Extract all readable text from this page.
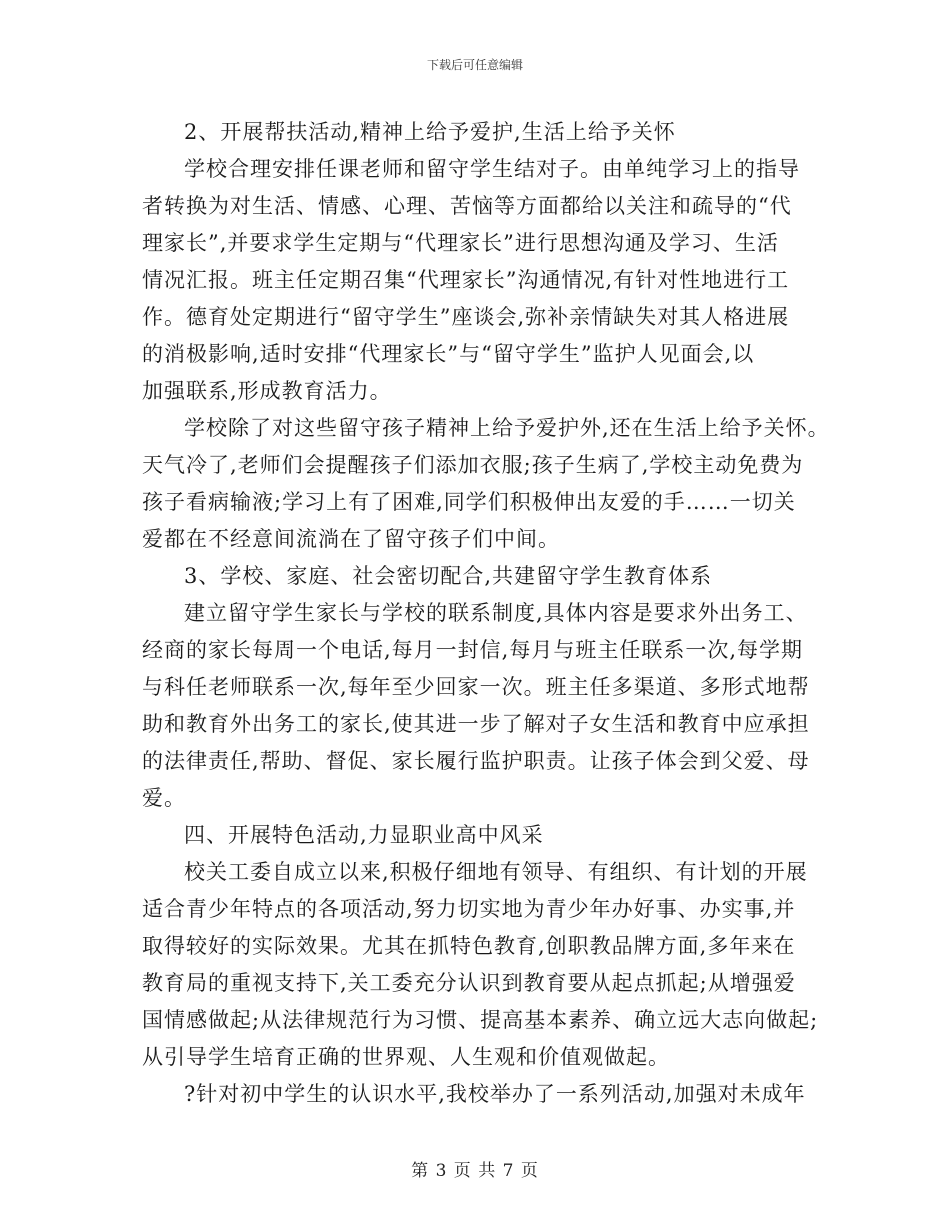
下载后可任意编辑
2、开展帮扶活动,精神上给予爱护,生活上给予关怀
学校合理安排任课老师和留守学生结对子。由单纯学习上的指导
者转换为对生活、情感、心理、苦恼等方面都给以关注和疏导的“代
理家长”,并要求学生定期与“代理家长”进行思想沟通及学习、生活
情况汇报。班主任定期召集“代理家长”沟通情况,有针对性地进行工
作。德育处定期进行“留守学生”座谈会,弥补亲情缺失对其人格进展
的消极影响,适时安排“代理家长”与“留守学生”监护人见面会,以
加强联系,形成教育活力。
学校除了对这些留守孩子精神上给予爱护外,还在生活上给予关怀。
天气冷了,老师们会提醒孩子们添加衣服;孩子生病了,学校主动免费为
孩子看病输液;学习上有了困难,同学们积极伸出友爱的手……一切关
爱都在不经意间流淌在了留守孩子们中间。
3、学校、家庭、社会密切配合,共建留守学生教育体系
建立留守学生家长与学校的联系制度,具体内容是要求外出务工、
经商的家长每周一个电话,每月一封信,每月与班主任联系一次,每学期
与科任老师联系一次,每年至少回家一次。班主任多渠道、多形式地帮
助和教育外出务工的家长,使其进一步了解对子女生活和教育中应承担
的法律责任,帮助、督促、家长履行监护职责。让孩子体会到父爱、母
爱。
四、开展特色活动,力显职业高中风采
校关工委自成立以来,积极仔细地有领导、有组织、有计划的开展
适合青少年特点的各项活动,努力切实地为青少年办好事、办实事,并
取得较好的实际效果。尤其在抓特色教育,创职教品牌方面,多年来在
教育局的重视支持下,关工委充分认识到教育要从起点抓起;从增强爱
国情感做起;从法律规范行为习惯、提高基本素养、确立远大志向做起;
从引导学生培育正确的世界观、人生观和价值观做起。
?针对初中学生的认识水平,我校举办了一系列活动,加强对未成年
第 3 页 共 7 页
